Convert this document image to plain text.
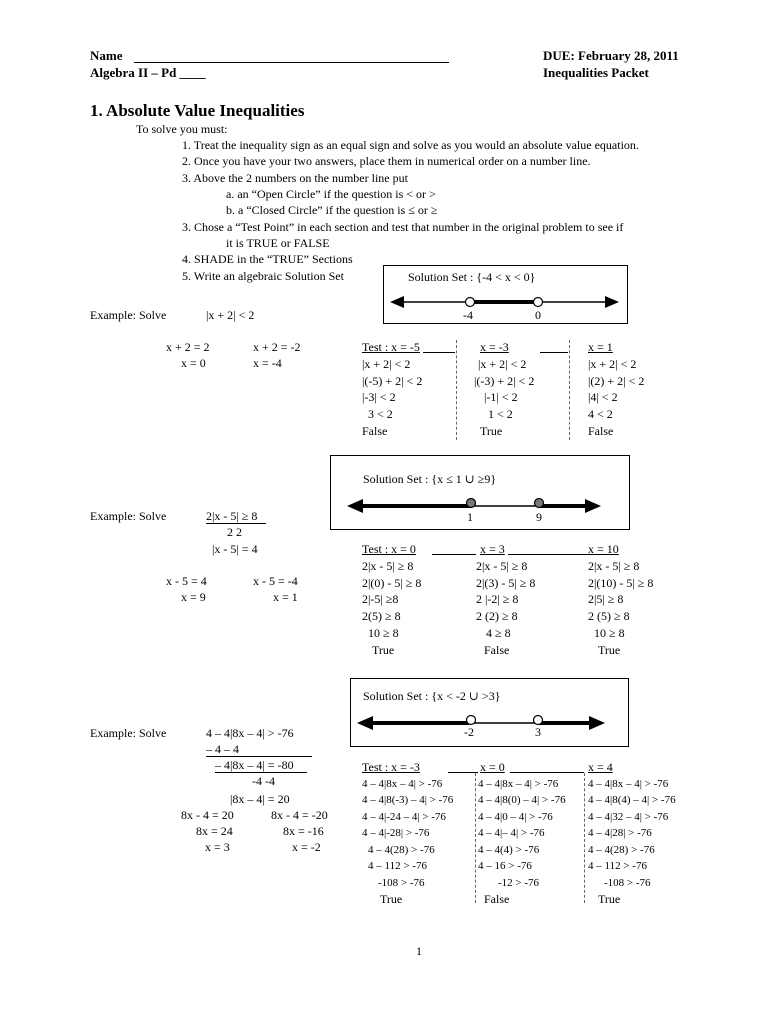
Name
Algebra II – Pd ____
DUE: February 28, 2011
Inequalities Packet
1. Absolute Value Inequalities
To solve you must:
1. Treat the inequality sign as an equal sign and solve as you would an absolute value equation.
2. Once you have your two answers, place them in numerical order on a number line.
3. Above the 2 numbers on the number line put
a. an “Open Circle” if the question is < or >
b. a “Closed Circle” if the question is ≤ or ≥
3. Chose a “Test Point” in each section and test that number in the original problem to see if
it is TRUE or FALSE
4. SHADE in the “TRUE” Sections
5. Write an algebraic Solution Set	Solution Set : {-4 < x < 0}
-4	0
Example: Solve	|x + 2| < 2
x + 2 = 2
x = 0
x + 2 = -2
x = -4
Test : x = -5
|x + 2| < 2
|(-5) + 2| < 2
|-3| < 2
3 < 2
False
x = -3
|x + 2| < 2
|(-3) + 2| < 2
|-1| < 2
1 < 2
True
x = 1
|x + 2| < 2
|(2) + 2| < 2
|4| < 2
4 < 2
False
Solution Set : {x ≤ 1 ∪ ≥9}
1	9
Example: Solve	2|x - 5| ≥ 8
2 2
|x - 5| = 4
x - 5 = 4
x = 9
x - 5 = -4
x = 1
Test : x = 0
2|x - 5| ≥ 8
2|(0) - 5| ≥ 8
2|-5| ≥8
2(5) ≥ 8
10 ≥ 8
True
x = 3
2|x - 5| ≥ 8
2|(3) - 5| ≥ 8
2 |-2| ≥ 8
2 (2) ≥ 8
4 ≥ 8
False
x = 10
2|x - 5| ≥ 8
2|(10) - 5| ≥ 8
2|5| ≥ 8
2 (5) ≥ 8
10 ≥ 8
True
Solution Set : {x < -2 ∪ >3}
-2	3
Example: Solve	4 – 4|8x – 4| > -76
– 4 – 4
– 4|8x – 4| = -80
-4 -4
|8x – 4| = 20
8x - 4 = 20
8x = 24
x = 3
8x - 4 = -20
8x = -16
x = -2
Test : x = -3
4 – 4|8x – 4| > -76
4 – 4|8(-3) – 4| > -76
4 – 4|-24 – 4| > -76
4 – 4|-28| > -76
4 – 4(28) > -76
4 – 112 > -76
-108 > -76
True
x = 0
4 – 4|8x – 4| > -76
4 – 4|8(0) – 4| > -76
4 – 4|0 – 4| > -76
4 – 4|– 4| > -76
4 – 4(4) > -76
4 – 16 > -76
-12 > -76
False
x = 4
4 – 4|8x – 4| > -76
4 – 4|8(4) – 4| > -76
4 – 4|32 – 4| > -76
4 – 4|28| > -76
4 – 4(28) > -76
4 – 112 > -76
-108 > -76
True
1
